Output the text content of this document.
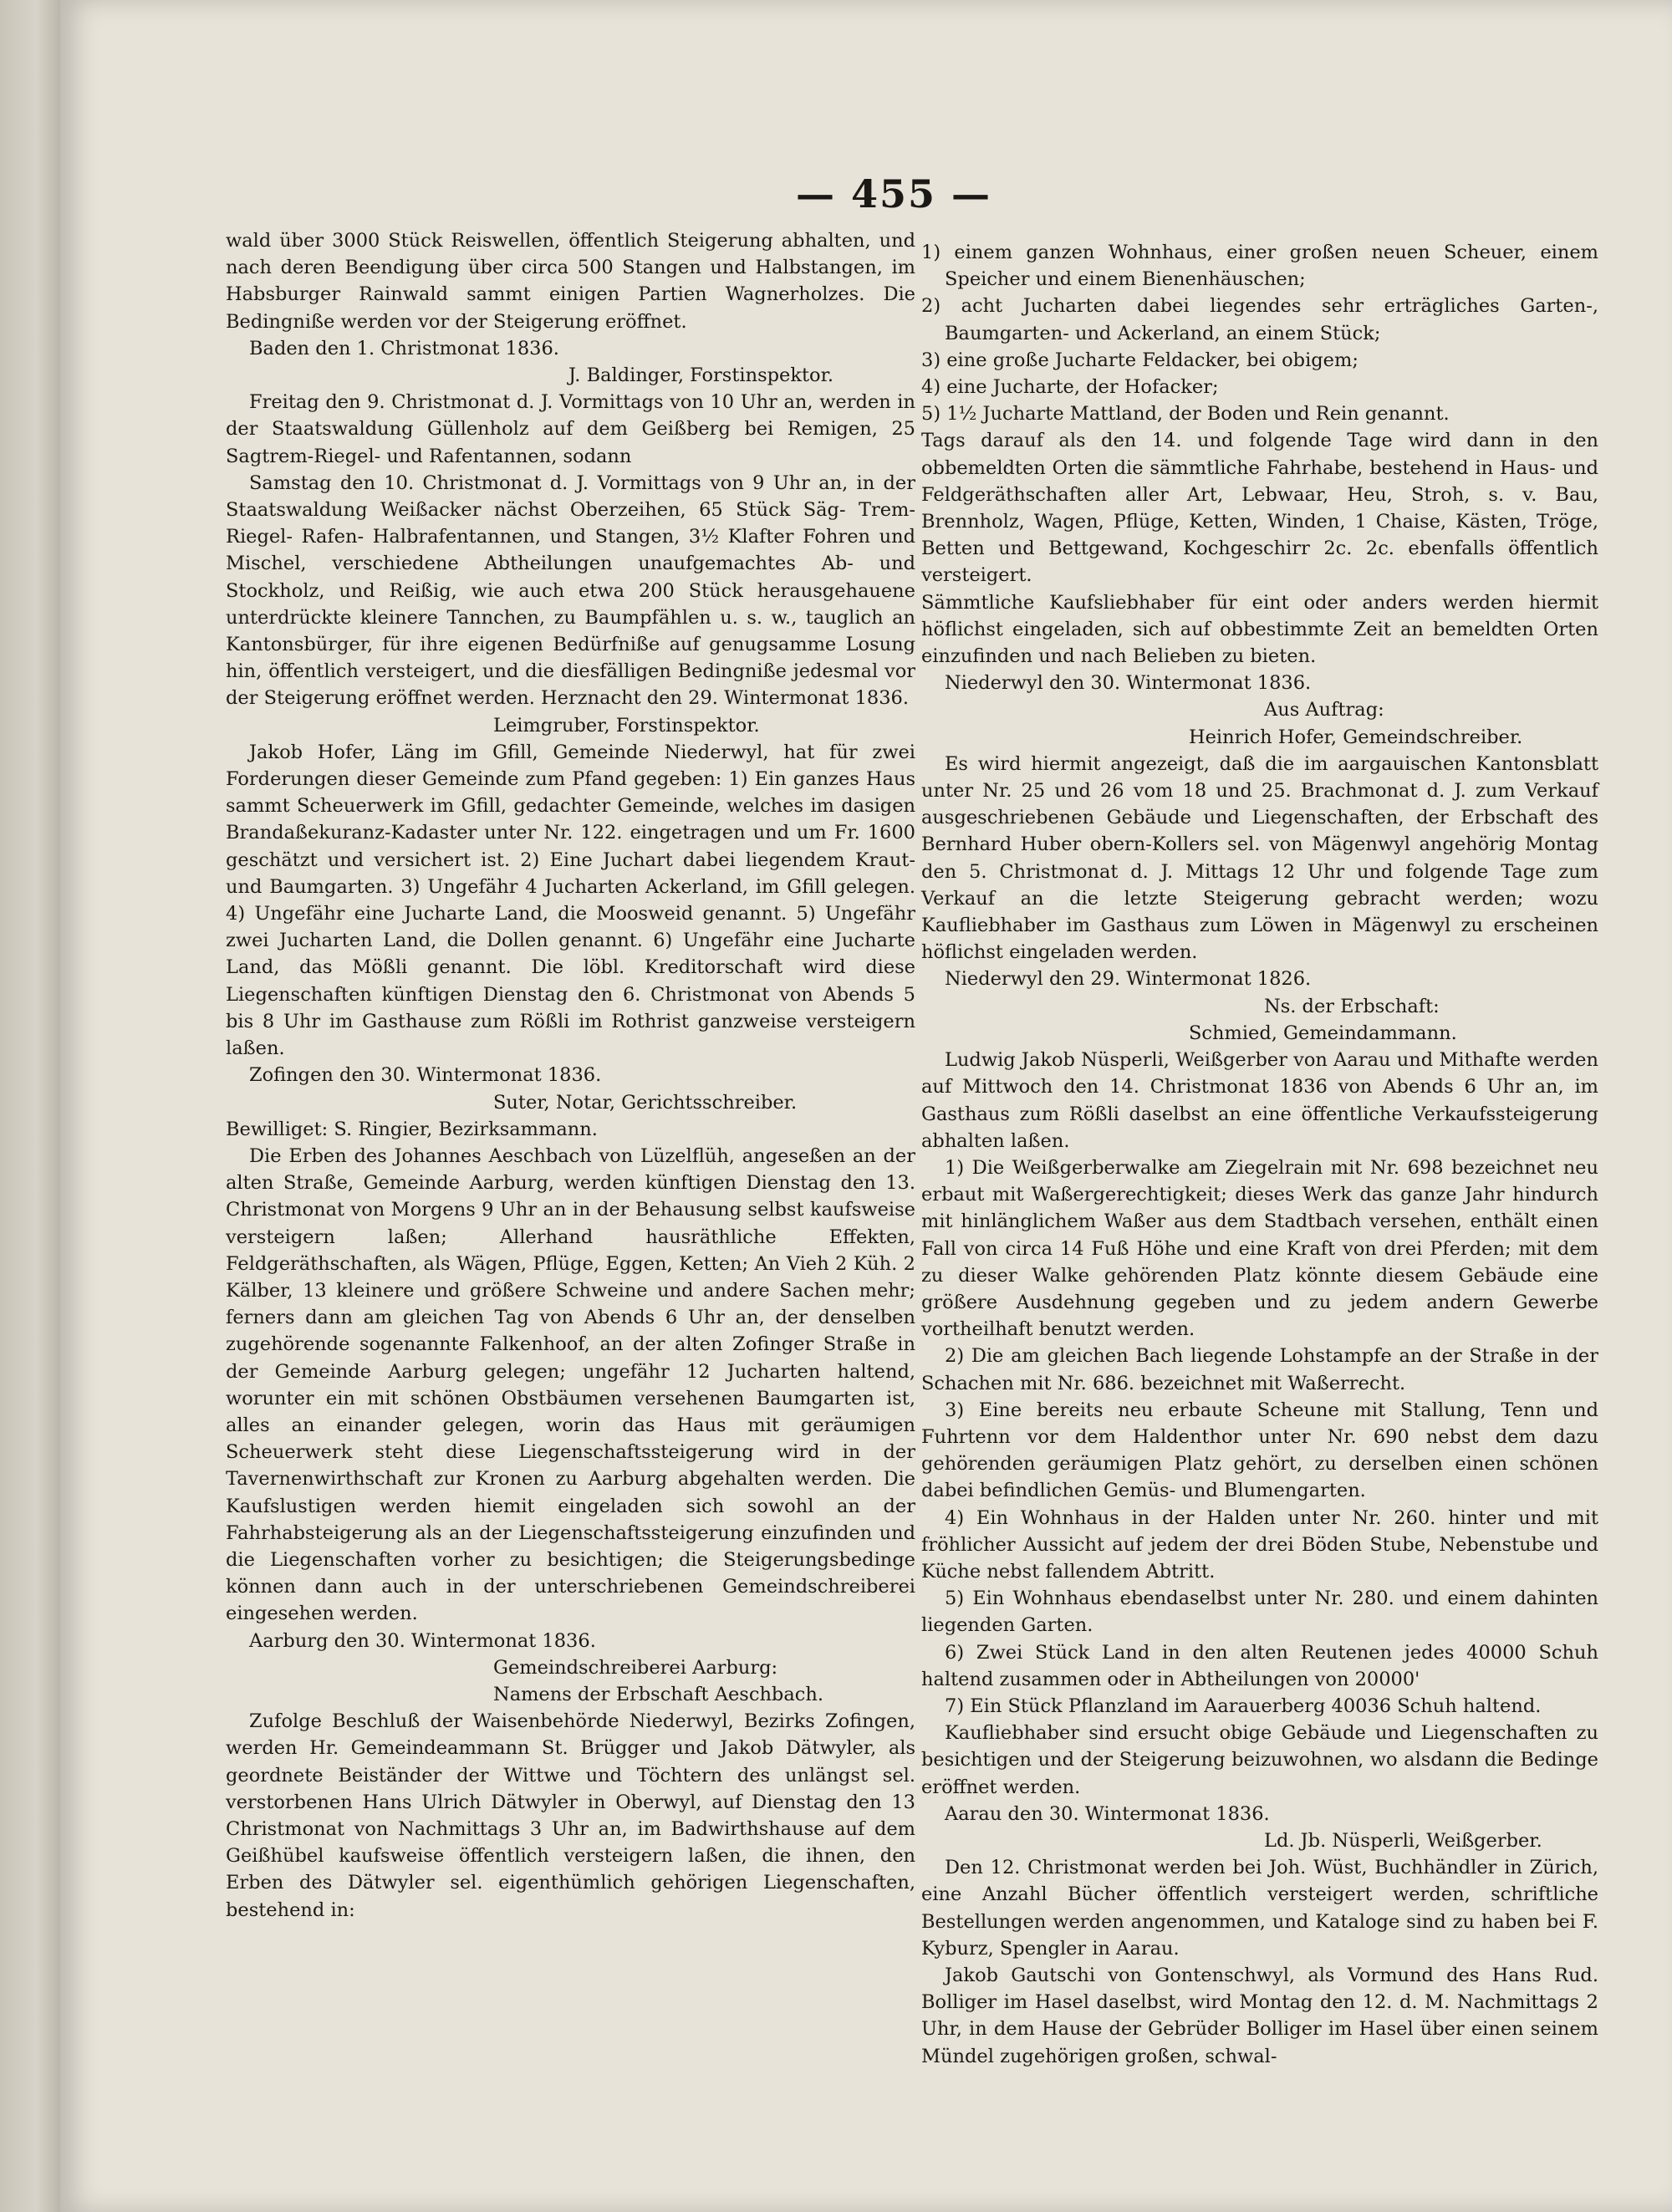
— 455 —

wald über 3000 Stück Reiswellen, öffentlich Steigerung abhalten, und nach deren Beendigung über circa 500 Stangen und Halbstangen, im Habsburger Rainwald sammt einigen Partien Wagnerholzes. Die Bedingniße werden vor der Steigerung eröffnet.

Baden den 1. Christmonat 1836.

J. Baldinger, Forstinspektor.

Freitag den 9. Christmonat d. J. Vormittags von 10 Uhr an, werden in der Staatswaldung Güllenholz auf dem Geißberg bei Remigen, 25 Sagtrem-Riegel- und Rafentannen, sodann

Samstag den 10. Christmonat d. J. Vormittags von 9 Uhr an, in der Staatswaldung Weißacker nächst Oberzeihen, 65 Stück Säg- Trem- Riegel- Rafen- Halbrafentannen, und Stangen, 3½ Klafter Fohren und Mischel, verschiedene Abtheilungen unaufgemachtes Ab- und Stockholz, und Reißig, wie auch etwa 200 Stück herausgehauene unterdrückte kleinere Tannchen, zu Baumpfählen u. s. w., tauglich an Kantonsbürger, für ihre eigenen Bedürfniße auf genugsamme Losung hin, öffentlich versteigert, und die diesfälligen Bedingniße jedesmal vor der Steigerung eröffnet werden. Herznacht den 29. Wintermonat 1836.

Leimgruber, Forstinspektor.

Jakob Hofer, Läng im Gfill, Gemeinde Niederwyl, hat für zwei Forderungen dieser Gemeinde zum Pfand gegeben: 1) Ein ganzes Haus sammt Scheuerwerk im Gfill, gedachter Gemeinde, welches im dasigen Brandaßekuranz-Kadaster unter Nr. 122. eingetragen und um Fr. 1600 geschätzt und versichert ist. 2) Eine Juchart dabei liegendem Kraut- und Baumgarten. 3) Ungefähr 4 Jucharten Ackerland, im Gfill gelegen. 4) Ungefähr eine Jucharte Land, die Moosweid genannt. 5) Ungefähr zwei Jucharten Land, die Dollen genannt. 6) Ungefähr eine Jucharte Land, das Mößli genannt. Die löbl. Kreditorschaft wird diese Liegenschaften künftigen Dienstag den 6. Christmonat von Abends 5 bis 8 Uhr im Gasthause zum Rößli im Rothrist ganzweise versteigern laßen.

Zofingen den 30. Wintermonat 1836.

Suter, Notar, Gerichtsschreiber.

Bewilliget: S. Ringier, Bezirksammann.

Die Erben des Johannes Aeschbach von Lüzelflüh, angeseßen an der alten Straße, Gemeinde Aarburg, werden künftigen Dienstag den 13. Christmonat von Morgens 9 Uhr an in der Behausung selbst kaufsweise versteigern laßen; Allerhand hausräthliche Effekten, Feldgeräthschaften, als Wägen, Pflüge, Eggen, Ketten; An Vieh 2 Küh. 2 Kälber, 13 kleinere und größere Schweine und andere Sachen mehr; ferners dann am gleichen Tag von Abends 6 Uhr an, der denselben zugehörende sogenannte Falkenhoof, an der alten Zofinger Straße in der Gemeinde Aarburg gelegen; ungefähr 12 Jucharten haltend, worunter ein mit schönen Obstbäumen versehenen Baumgarten ist, alles an einander gelegen, worin das Haus mit geräumigen Scheuerwerk steht diese Liegenschaftssteigerung wird in der Tavernenwirthschaft zur Kronen zu Aarburg abgehalten werden. Die Kaufslustigen werden hiemit eingeladen sich sowohl an der Fahrhabsteigerung als an der Liegenschaftssteigerung einzufinden und die Liegenschaften vorher zu besichtigen; die Steigerungsbedinge können dann auch in der unterschriebenen Gemeindschreiberei eingesehen werden.

Aarburg den 30. Wintermonat 1836.

Gemeindschreiberei Aarburg:

Namens der Erbschaft Aeschbach.

Zufolge Beschluß der Waisenbehörde Niederwyl, Bezirks Zofingen, werden Hr. Gemeindeammann St. Brügger und Jakob Dätwyler, als geordnete Beiständer der Wittwe und Töchtern des unlängst sel. verstorbenen Hans Ulrich Dätwyler in Oberwyl, auf Dienstag den 13 Christmonat von Nachmittags 3 Uhr an, im Badwirthshause auf dem Geißhübel kaufsweise öffentlich versteigern laßen, die ihnen, den Erben des Dätwyler sel. eigenthümlich gehörigen Liegenschaften, bestehend in:

1) einem ganzen Wohnhaus, einer großen neuen Scheuer, einem Speicher und einem Bienenhäuschen;

2) acht Jucharten dabei liegendes sehr erträgliches Garten-, Baumgarten- und Ackerland, an einem Stück;

3) eine große Jucharte Feldacker, bei obigem;

4) eine Jucharte, der Hofacker;

5) 1½ Jucharte Mattland, der Boden und Rein genannt.

Tags darauf als den 14. und folgende Tage wird dann in den obbemeldten Orten die sämmtliche Fahrhabe, bestehend in Haus- und Feldgeräthschaften aller Art, Lebwaar, Heu, Stroh, s. v. Bau, Brennholz, Wagen, Pflüge, Ketten, Winden, 1 Chaise, Kästen, Tröge, Betten und Bettgewand, Kochgeschirr 2c. 2c. ebenfalls öffentlich versteigert.

Sämmtliche Kaufsliebhaber für eint oder anders werden hiermit höflichst eingeladen, sich auf obbestimmte Zeit an bemeldten Orten einzufinden und nach Belieben zu bieten.

Niederwyl den 30. Wintermonat 1836.

Aus Auftrag:

Heinrich Hofer, Gemeindschreiber.

Es wird hiermit angezeigt, daß die im aargauischen Kantonsblatt unter Nr. 25 und 26 vom 18 und 25. Brachmonat d. J. zum Verkauf ausgeschriebenen Gebäude und Liegenschaften, der Erbschaft des Bernhard Huber obern-Kollers sel. von Mägenwyl angehörig Montag den 5. Christmonat d. J. Mittags 12 Uhr und folgende Tage zum Verkauf an die letzte Steigerung gebracht werden; wozu Kaufliebhaber im Gasthaus zum Löwen in Mägenwyl zu erscheinen höflichst eingeladen werden.

Niederwyl den 29. Wintermonat 1826.

Ns. der Erbschaft:

Schmied, Gemeindammann.

Ludwig Jakob Nüsperli, Weißgerber von Aarau und Mithafte werden auf Mittwoch den 14. Christmonat 1836 von Abends 6 Uhr an, im Gasthaus zum Rößli daselbst an eine öffentliche Verkaufssteigerung abhalten laßen.

1) Die Weißgerberwalke am Ziegelrain mit Nr. 698 bezeichnet neu erbaut mit Waßergerechtigkeit; dieses Werk das ganze Jahr hindurch mit hinlänglichem Waßer aus dem Stadtbach versehen, enthält einen Fall von circa 14 Fuß Höhe und eine Kraft von drei Pferden; mit dem zu dieser Walke gehörenden Platz könnte diesem Gebäude eine größere Ausdehnung gegeben und zu jedem andern Gewerbe vortheilhaft benutzt werden.

2) Die am gleichen Bach liegende Lohstampfe an der Straße in der Schachen mit Nr. 686. bezeichnet mit Waßerrecht.

3) Eine bereits neu erbaute Scheune mit Stallung, Tenn und Fuhrtenn vor dem Haldenthor unter Nr. 690 nebst dem dazu gehörenden geräumigen Platz gehört, zu derselben einen schönen dabei befindlichen Gemüs- und Blumengarten.

4) Ein Wohnhaus in der Halden unter Nr. 260. hinter und mit fröhlicher Aussicht auf jedem der drei Böden Stube, Nebenstube und Küche nebst fallendem Abtritt.

5) Ein Wohnhaus ebendaselbst unter Nr. 280. und einem dahinten liegenden Garten.

6) Zwei Stück Land in den alten Reutenen jedes 40000 Schuh haltend zusammen oder in Abtheilungen von 20000'

7) Ein Stück Pflanzland im Aarauerberg 40036 Schuh haltend.

Kaufliebhaber sind ersucht obige Gebäude und Liegenschaften zu besichtigen und der Steigerung beizuwohnen, wo alsdann die Bedinge eröffnet werden.

Aarau den 30. Wintermonat 1836.

Ld. Jb. Nüsperli, Weißgerber.

Den 12. Christmonat werden bei Joh. Wüst, Buchhändler in Zürich, eine Anzahl Bücher öffentlich versteigert werden, schriftliche Bestellungen werden angenommen, und Kataloge sind zu haben bei F. Kyburz, Spengler in Aarau.

Jakob Gautschi von Gontenschwyl, als Vormund des Hans Rud. Bolliger im Hasel daselbst, wird Montag den 12. d. M. Nachmittags 2 Uhr, in dem Hause der Gebrüder Bolliger im Hasel über einen seinem Mündel zugehörigen großen, schwal-
